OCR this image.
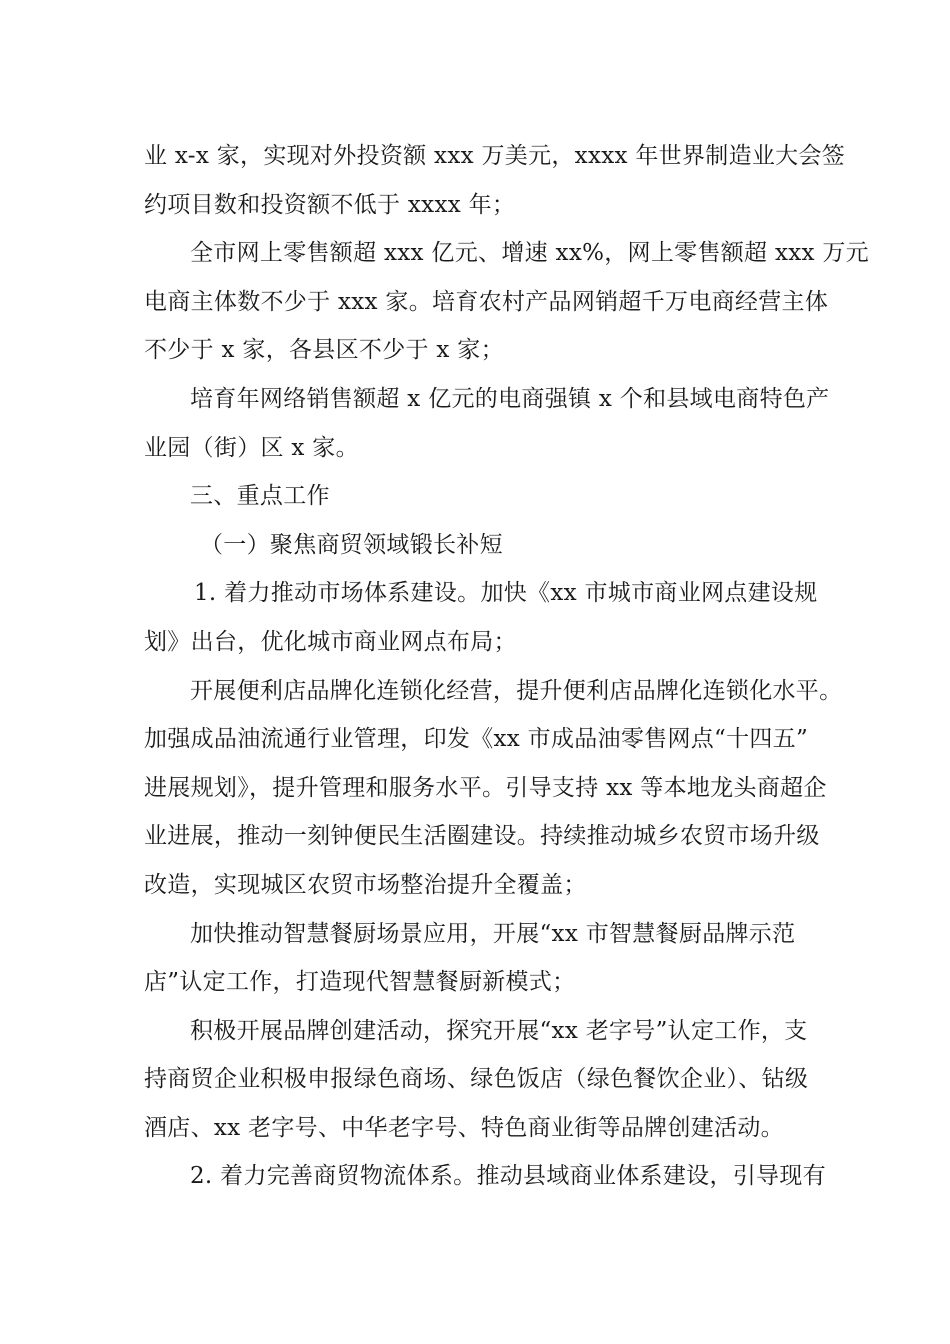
业 x-x 家，实现对外投资额 xxx 万美元，xxxx 年世界制造业大会签
约项目数和投资额不低于 xxxx 年；
全市网上零售额超 xxx 亿元、增速 xx%，网上零售额超 xxx 万元
电商主体数不少于 xxx 家。培育农村产品网销超千万电商经营主体
不少于 x 家，各县区不少于 x 家；
培育年网络销售额超 x 亿元的电商强镇 x 个和县域电商特色产
业园（街）区 x 家。
三、重点工作
（一）聚焦商贸领域锻长补短
1. 着力推动市场体系建设。加快《xx 市城市商业网点建设规
划》出台，优化城市商业网点布局；
开展便利店品牌化连锁化经营，提升便利店品牌化连锁化水平。
加强成品油流通行业管理，印发《xx 市成品油零售网点“十四五”
进展规划》，提升管理和服务水平。引导支持 xx 等本地龙头商超企
业进展，推动一刻钟便民生活圈建设。持续推动城乡农贸市场升级
改造，实现城区农贸市场整治提升全覆盖；
加快推动智慧餐厨场景应用，开展“xx 市智慧餐厨品牌示范
店”认定工作，打造现代智慧餐厨新模式；
积极开展品牌创建活动，探究开展“xx 老字号”认定工作，支
持商贸企业积极申报绿色商场、绿色饭店（绿色餐饮企业）、钻级
酒店、xx 老字号、中华老字号、特色商业街等品牌创建活动。
2. 着力完善商贸物流体系。推动县域商业体系建设，引导现有
